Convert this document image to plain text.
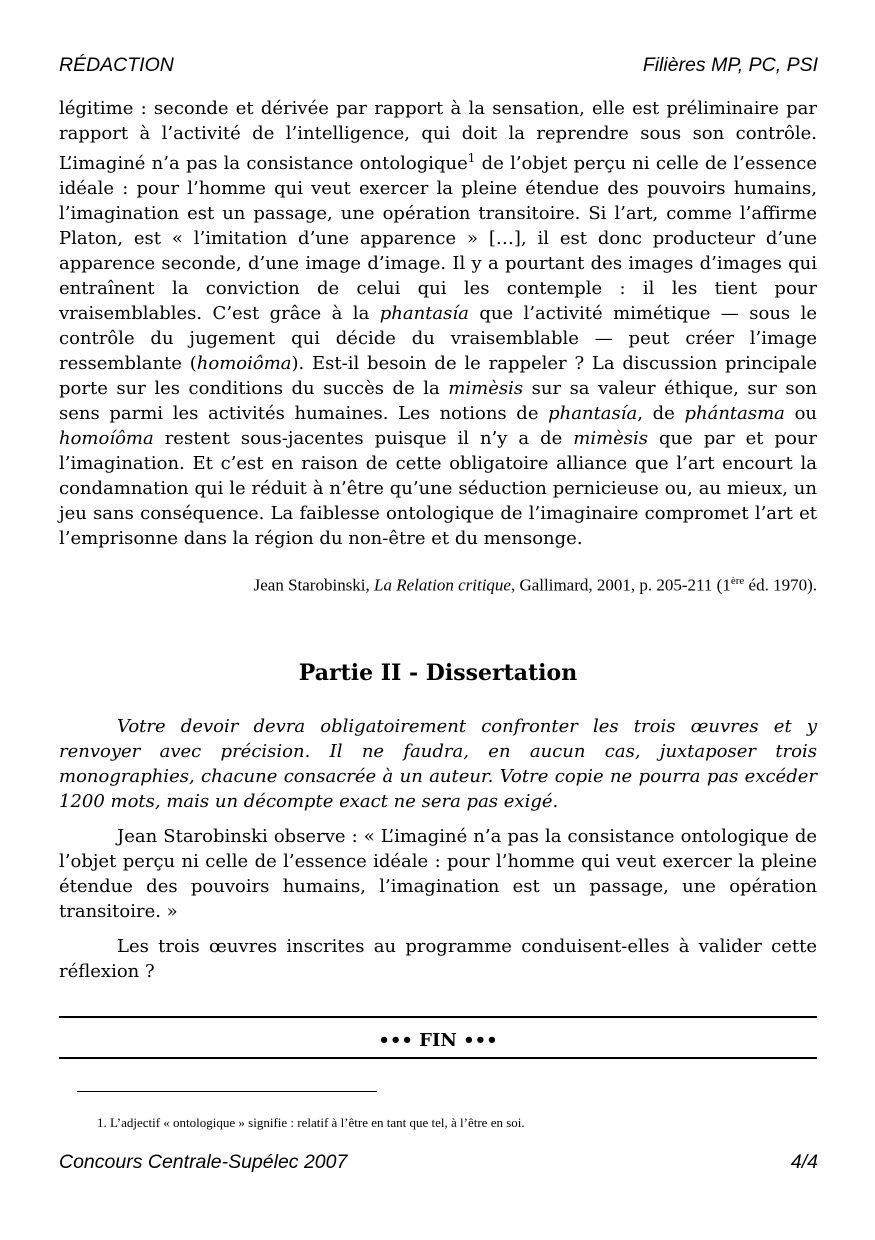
RÉDACTION	Filières MP, PC, PSI

légitime : seconde et dérivée par rapport à la sensation, elle est préliminaire par rapport à l’activité de l’intelligence, qui doit la reprendre sous son contrôle. L’imaginé n’a pas la consistance ontologique$^1$ de l’objet perçu ni celle de l’essence idéale : pour l’homme qui veut exercer la pleine étendue des pouvoirs humains, l’imagination est un passage, une opération transitoire. Si l’art, comme l’affirme Platon, est « l’imitation d’une apparence » […], il est donc producteur d’une apparence seconde, d’une image d’image. Il y a pourtant des images d’images qui entraînent la conviction de celui qui les contemple : il les tient pour vraisemblables. C’est grâce à la phantasía que l’activité mimétique — sous le contrôle du jugement qui décide du vraisemblable — peut créer l’image ressemblante (homoiôma). Est-il besoin de le rappeler ? La discussion principale porte sur les conditions du succès de la mimèsis sur sa valeur éthique, sur son sens parmi les activités humaines. Les notions de phantasía, de phántasma ou homoíôma restent sous-jacentes puisque il n’y a de mimèsis que par et pour l’imagination. Et c’est en raison de cette obligatoire alliance que l’art encourt la condamnation qui le réduit à n’être qu’une séduction pernicieuse ou, au mieux, un jeu sans conséquence. La faiblesse ontologique de l’imaginaire compromet l’art et l’emprisonne dans la région du non-être et du mensonge.

Jean Starobinski, La Relation critique, Gallimard, 2001, p. 205-211 (1ère éd. 1970).
Partie II - Dissertation

Votre devoir devra obligatoirement confronter les trois œuvres et y renvoyer avec précision. Il ne faudra, en aucun cas, juxtaposer trois monographies, chacune consacrée à un auteur. Votre copie ne pourra pas excéder 1200 mots, mais un décompte exact ne sera pas exigé.

Jean Starobinski observe : « L’imaginé n’a pas la consistance ontologique de l’objet perçu ni celle de l’essence idéale : pour l’homme qui veut exercer la pleine étendue des pouvoirs humains, l’imagination est un passage, une opération transitoire. »

Les trois œuvres inscrites au programme conduisent-elles à valider cette réflexion ?

••• FIN •••
1. L’adjectif « ontologique » signifie : relatif à l’être en tant que tel, à l’être en soi.
Concours Centrale-Supélec 2007	4/4
